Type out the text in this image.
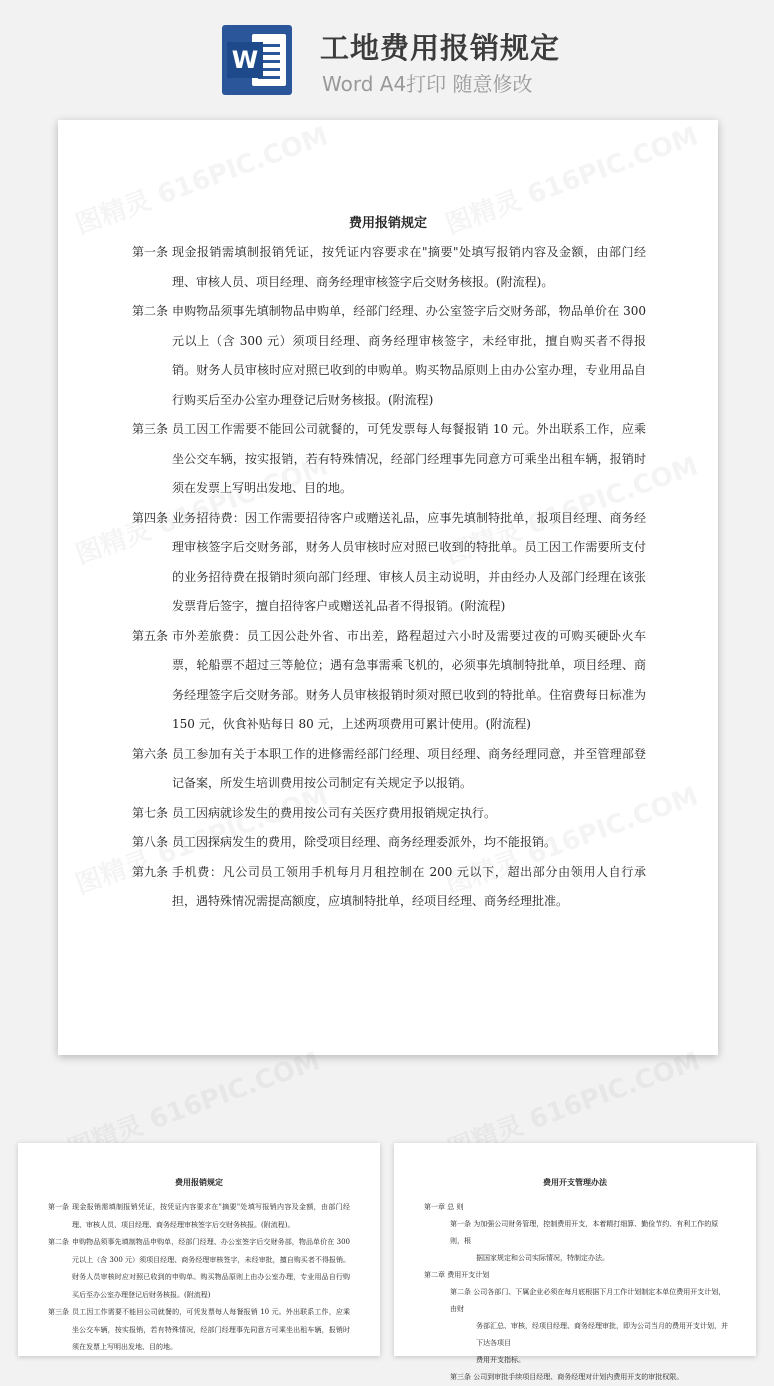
W 工地费用报销规定
Word A4打印 随意修改
费用报销规定
第一条 现金报销需填制报销凭证，按凭证内容要求在"摘要"处填写报销内容及金额，由部门经理、审核人员、项目经理、商务经理审核签字后交财务核报。(附流程)。
第二条 申购物品须事先填制物品申购单，经部门经理、办公室签字后交财务部，物品单价在 300 元以上（含 300 元）须项目经理、商务经理审核签字，未经审批，擅自购买者不得报销。财务人员审核时应对照已收到的申购单。购买物品原则上由办公室办理，专业用品自行购买后至办公室办理登记后财务核报。(附流程)
第三条 员工因工作需要不能回公司就餐的，可凭发票每人每餐报销 10 元。外出联系工作，应乘坐公交车辆，按实报销，若有特殊情况，经部门经理事先同意方可乘坐出租车辆，报销时须在发票上写明出发地、目的地。
第四条 业务招待费：因工作需要招待客户或赠送礼品，应事先填制特批单，报项目经理、商务经理审核签字后交财务部，财务人员审核时应对照已收到的特批单。员工因工作需要所支付的业务招待费在报销时须向部门经理、审核人员主动说明，并由经办人及部门经理在该张发票背后签字，擅自招待客户或赠送礼品者不得报销。(附流程)
第五条 市外差旅费：员工因公赴外省、市出差，路程超过六小时及需要过夜的可购买硬卧火车票，轮船票不超过三等舱位；遇有急事需乘飞机的，必须事先填制特批单，项目经理、商务经理签字后交财务部。财务人员审核报销时须对照已收到的特批单。住宿费每日标准为 150 元，伙食补贴每日 80 元，上述两项费用可累计使用。(附流程)
第六条 员工参加有关于本职工作的进修需经部门经理、项目经理、商务经理同意，并至管理部登记备案，所发生培训费用按公司制定有关规定予以报销。
第七条 员工因病就诊发生的费用按公司有关医疗费用报销规定执行。
第八条 员工因探病发生的费用，除受项目经理、商务经理委派外，均不能报销。
第九条 手机费：凡公司员工领用手机每月月租控制在 200 元以下，超出部分由领用人自行承担，遇特殊情况需提高额度，应填制特批单，经项目经理、商务经理批准。
费用报销规定
第一条 现金报销需填制报销凭证，按凭证内容要求在"摘要"处填写报销内容及金额，由部门经理、审核人员、项目经理、商务经理审核签字后交财务核报。(附流程)。
第二条 申购物品须事先填制物品申购单，经部门经理、办公室签字后交财务部，物品单价在 300 元以上（含 300 元）须项目经理、商务经理审核签字，未经审批，擅自购买者不得报销。财务人员审核时应对照已收到的申购单。购买物品原则上由办公室办理，专业用品自行购买后至办公室办理登记后财务核报。(附流程)
第三条 员工因工作需要不能回公司就餐的，可凭发票每人每餐报销 10 元。外出联系工作，应乘坐公交车辆，按实报销，若有特殊情况，经部门经理事先同意方可乘坐出租车辆，报销时须在发票上写明出发地、目的地。
费用开支管理办法
第一章 总 则
第一条 为加强公司财务管理，控制费用开支，本着精打细算、勤俭节约、有利工作的原则，根
据国家规定和公司实际情况，特制定办法。
第二章 费用开支计划
第二条 公司各部门、下属企业必须在每月底根据下月工作计划制定本单位费用开支计划，由财
务部汇总、审核，经项目经理、商务经理审批，即为公司当月的费用开支计划，并下达各项目
费用开支指标。
第三条 公司到审批手续项目经理、商务经理对计划内费用开支的审批权限。
